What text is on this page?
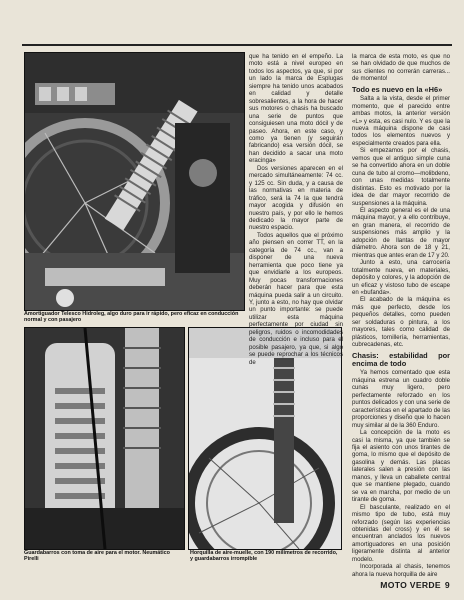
Amortiguador Telesco Hidroleg, algo duro para ir rápido, pero eficaz en conducción normal y con pasajero
Guardabarros con toma de aire para el motor. Neumático Pirelli
Horquilla de aire-muelle, con 190 milímetros de recorrido, y guardabarros irrompible

que ha tenido en el empeño. La moto está a nivel europeo en todos los aspectos, ya que, si por un lado la marca de Esplugas siempre ha tenido unos acabados en calidad y detalle sobresalientes, a la hora de hacer sus motores o chasis ha buscado una serie de puntos que consiguiesen una moto dócil y de paseo. Ahora, en este caso, y como ya tienen (y seguirán fabricando) esa versión dócil, se han decidido a sacar una moto eracinga»

Dos versiones aparecen en el mercado simultáneamente: 74 cc. y 125 cc. Sin duda, y a causa de las normativas en materia de tráfico, será la 74 la que tendrá mayor acogida y difusión en nuestro país, y por ello le hemos dedicado la mayor parte de nuestro espacio.

Todos aquellos que el próximo año piensen en correr TT, en la categoría de 74 cc., van a disponer de una nueva herramienta que poco tiene ya que envidiarle a los europeos. Muy pocas transformaciones deberán hacer para que esta máquina pueda salir a un circuito. Y, junto a esto, no hay que olvidar un punto importante: se puede utilizar esta máquina perfectamente por ciudad sin peligros, ruidos o incomodidades de conducción e incluso para el posible pasajero, ya que, si algo se puede reprochar a los técnicos de

la marca de esta moto, es que no se han olvidado de que muchos de sus clientes no correrán carreras... de momento!

Todo es nuevo en la «H6»

Salta a la vista, desde el primer momento, que el parecido entre ambas motos, la anterior versión «L» y esta, es casi nulo. Y es que la nueva máquina dispone de casi todos los elementos nuevos y especialmente creados para ella.

Si empezamos por el chasis, vemos que el antiguo simple cuna se ha convertido ahora en un doble cuna de tubo al cromo—molibdeno, con unas medidas totalmente distintas. Esto es motivado por la idea de dar mayor recorrido de suspensiones a la máquina.

El aspecto general es el de una máquina mayor, y a ello contribuye, en gran manera, el recorrido de suspensiones más amplio y la adopción de llantas de mayor diámetro. Ahora son de 18 y 21, mientras que antes eran de 17 y 20.

Junto a esto, una carrocería totalmente nueva, en materiales, depósito y colores, y la adopción de un eficaz y vistoso tubo de escape en «bufanda».

El acabado de la máquina es más que perfecto, desde los pequeños detalles, como pueden ser soldaduras o pintura, a los mayores, tales como calidad de plásticos, tornillería, herramientas, cubrecadenas, etc.

Chasis: estabilidad por encima de todo

Ya hemos comentado que esta máquina estrena un cuadro doble cunas muy ligero, pero perfectamente reforzado en los puntos delicados y con una serie de características en el apartado de las proporciones y diseño que lo hacen muy similar al de la 360 Enduro.

La concepción de la moto es casi la misma, ya que también se fija el asiento con unos tirantes de goma, lo mismo que el depósito de gasolina y demás. Las placas laterales salen a presión con las manos, y lleva un caballete central que se mantiene plegado, cuando se va en marcha, por medio de un tirante de goma.

El basculante, realizado en el mismo tipo de tubo, está muy reforzado (según las experiencias obtenidas del cross) y en él se encuentran anclados los nuevos amortiguadores en una posición ligeramente distinta al anterior modelo.

Incorporada al chasis, tenemos ahora la nueva horquilla de aire

MOTO VERDE 9
